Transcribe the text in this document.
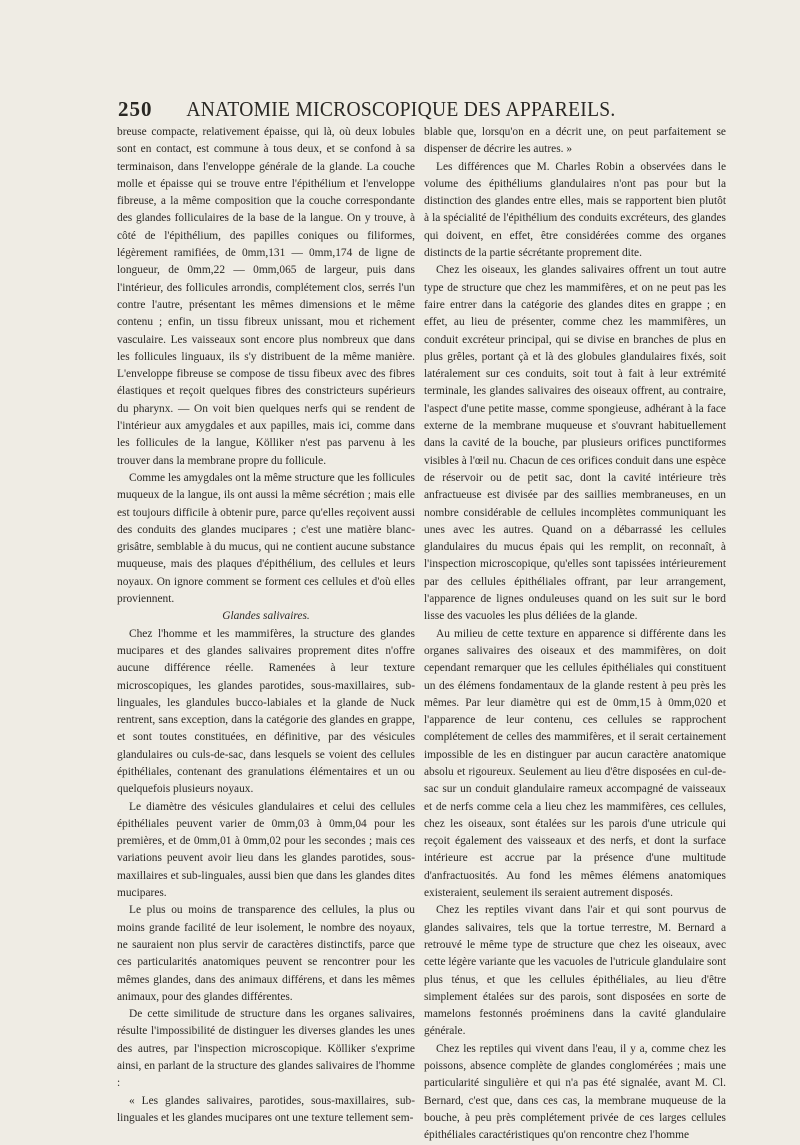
250	ANATOMIE MICROSCOPIQUE DES APPAREILS.

breuse compacte, relativement épaisse, qui là, où deux lobules sont en contact, est commune à tous deux, et se confond à sa terminaison, dans l'enveloppe générale de la glande. La couche molle et épaisse qui se trouve entre l'épithélium et l'enveloppe fibreuse, a la même composition que la couche correspondante des glandes folliculaires de la base de la langue. On y trouve, à côté de l'épithélium, des papilles coniques ou filiformes, légèrement ramifiées, de 0mm,131 — 0mm,174 de ligne de longueur, de 0mm,22 — 0mm,065 de largeur, puis dans l'intérieur, des follicules arrondis, complétement clos, serrés l'un contre l'autre, présentant les mêmes dimensions et le même contenu ; enfin, un tissu fibreux unissant, mou et richement vasculaire. Les vaisseaux sont encore plus nombreux que dans les follicules linguaux, ils s'y distribuent de la même manière. L'enveloppe fibreuse se compose de tissu fibeux avec des fibres élastiques et reçoit quelques fibres des constricteurs supérieurs du pharynx. — On voit bien quelques nerfs qui se rendent de l'intérieur aux amygdales et aux papilles, mais ici, comme dans les follicules de la langue, Kölliker n'est pas parvenu à les trouver dans la membrane propre du follicule.

Comme les amygdales ont la même structure que les follicules muqueux de la langue, ils ont aussi la même sécrétion ; mais elle est toujours difficile à obtenir pure, parce qu'elles reçoivent aussi des conduits des glandes mucipares ; c'est une matière blanc-grisâtre, semblable à du mucus, qui ne contient aucune substance muqueuse, mais des plaques d'épithélium, des cellules et leurs noyaux. On ignore comment se forment ces cellules et d'où elles proviennent.

Glandes salivaires.

Chez l'homme et les mammifères, la structure des glandes mucipares et des glandes salivaires proprement dites n'offre aucune différence réelle. Ramenées à leur texture microscopiques, les glandes parotides, sous-maxillaires, sub-linguales, les glandules bucco-labiales et la glande de Nuck rentrent, sans exception, dans la catégorie des glandes en grappe, et sont toutes constituées, en définitive, par des vésicules glandulaires ou culs-de-sac, dans lesquels se voient des cellules épithéliales, contenant des granulations élémentaires et un ou quelquefois plusieurs noyaux.

Le diamètre des vésicules glandulaires et celui des cellules épithéliales peuvent varier de 0mm,03 à 0mm,04 pour les premières, et de 0mm,01 à 0mm,02 pour les secondes ; mais ces variations peuvent avoir lieu dans les glandes parotides, sous-maxillaires et sub-linguales, aussi bien que dans les glandes dites mucipares.

Le plus ou moins de transparence des cellules, la plus ou moins grande facilité de leur isolement, le nombre des noyaux, ne sauraient non plus servir de caractères distinctifs, parce que ces particularités anatomiques peuvent se rencontrer pour les mêmes glandes, dans des animaux différens, et dans les mêmes animaux, pour des glandes différentes.

De cette similitude de structure dans les organes salivaires, résulte l'impossibilité de distinguer les diverses glandes les unes des autres, par l'inspection microscopique. Kölliker s'exprime ainsi, en parlant de la structure des glandes salivaires de l'homme :

« Les glandes salivaires, parotides, sous-maxillaires, sub-linguales et les glandes mucipares ont une texture tellement sem-

blable que, lorsqu'on en a décrit une, on peut parfaitement se dispenser de décrire les autres. »

Les différences que M. Charles Robin a observées dans le volume des épithéliums glandulaires n'ont pas pour but la distinction des glandes entre elles, mais se rapportent bien plutôt à la spécialité de l'épithélium des conduits excréteurs, des glandes qui doivent, en effet, être considérées comme des organes distincts de la partie sécrétante proprement dite.

Chez les oiseaux, les glandes salivaires offrent un tout autre type de structure que chez les mammifères, et on ne peut pas les faire entrer dans la catégorie des glandes dites en grappe ; en effet, au lieu de présenter, comme chez les mammifères, un conduit excréteur principal, qui se divise en branches de plus en plus grêles, portant çà et là des globules glandulaires fixés, soit latéralement sur ces conduits, soit tout à fait à leur extrémité terminale, les glandes salivaires des oiseaux offrent, au contraire, l'aspect d'une petite masse, comme spongieuse, adhérant à la face externe de la membrane muqueuse et s'ouvrant habituellement dans la cavité de la bouche, par plusieurs orifices punctiformes visibles à l'œil nu. Chacun de ces orifices conduit dans une espèce de réservoir ou de petit sac, dont la cavité intérieure très anfractueuse est divisée par des saillies membraneuses, en un nombre considérable de cellules incomplètes communiquant les unes avec les autres. Quand on a débarrassé les cellules glandulaires du mucus épais qui les remplit, on reconnaît, à l'inspection microscopique, qu'elles sont tapissées intérieurement par des cellules épithéliales offrant, par leur arrangement, l'apparence de lignes onduleuses quand on les suit sur le bord lisse des vacuoles les plus déliées de la glande.

Au milieu de cette texture en apparence si différente dans les organes salivaires des oiseaux et des mammifères, on doit cependant remarquer que les cellules épithéliales qui constituent un des élémens fondamentaux de la glande restent à peu près les mêmes. Par leur diamètre qui est de 0mm,15 à 0mm,020 et l'apparence de leur contenu, ces cellules se rapprochent complétement de celles des mammifères, et il serait certainement impossible de les en distinguer par aucun caractère anatomique absolu et rigoureux. Seulement au lieu d'être disposées en cul-de-sac sur un conduit glandulaire rameux accompagné de vaisseaux et de nerfs comme cela a lieu chez les mammifères, ces cellules, chez les oiseaux, sont étalées sur les parois d'une utricule qui reçoit également des vaisseaux et des nerfs, et dont la surface intérieure est accrue par la présence d'une multitude d'anfractuosités. Au fond les mêmes élémens anatomiques existeraient, seulement ils seraient autrement disposés.

Chez les reptiles vivant dans l'air et qui sont pourvus de glandes salivaires, tels que la tortue terrestre, M. Bernard a retrouvé le même type de structure que chez les oiseaux, avec cette légère variante que les vacuoles de l'utricule glandulaire sont plus ténus, et que les cellules épithéliales, au lieu d'être simplement étalées sur des parois, sont disposées en sorte de mamelons festonnés proéminens dans la cavité glandulaire générale.

Chez les reptiles qui vivent dans l'eau, il y a, comme chez les poissons, absence complète de glandes conglomérées ; mais une particularité singulière et qui n'a pas été signalée, avant M. Cl. Bernard, c'est que, dans ces cas, la membrane muqueuse de la bouche, à peu près complétement privée de ces larges cellules épithéliales caractéristiques qu'on rencontre chez l'homme
